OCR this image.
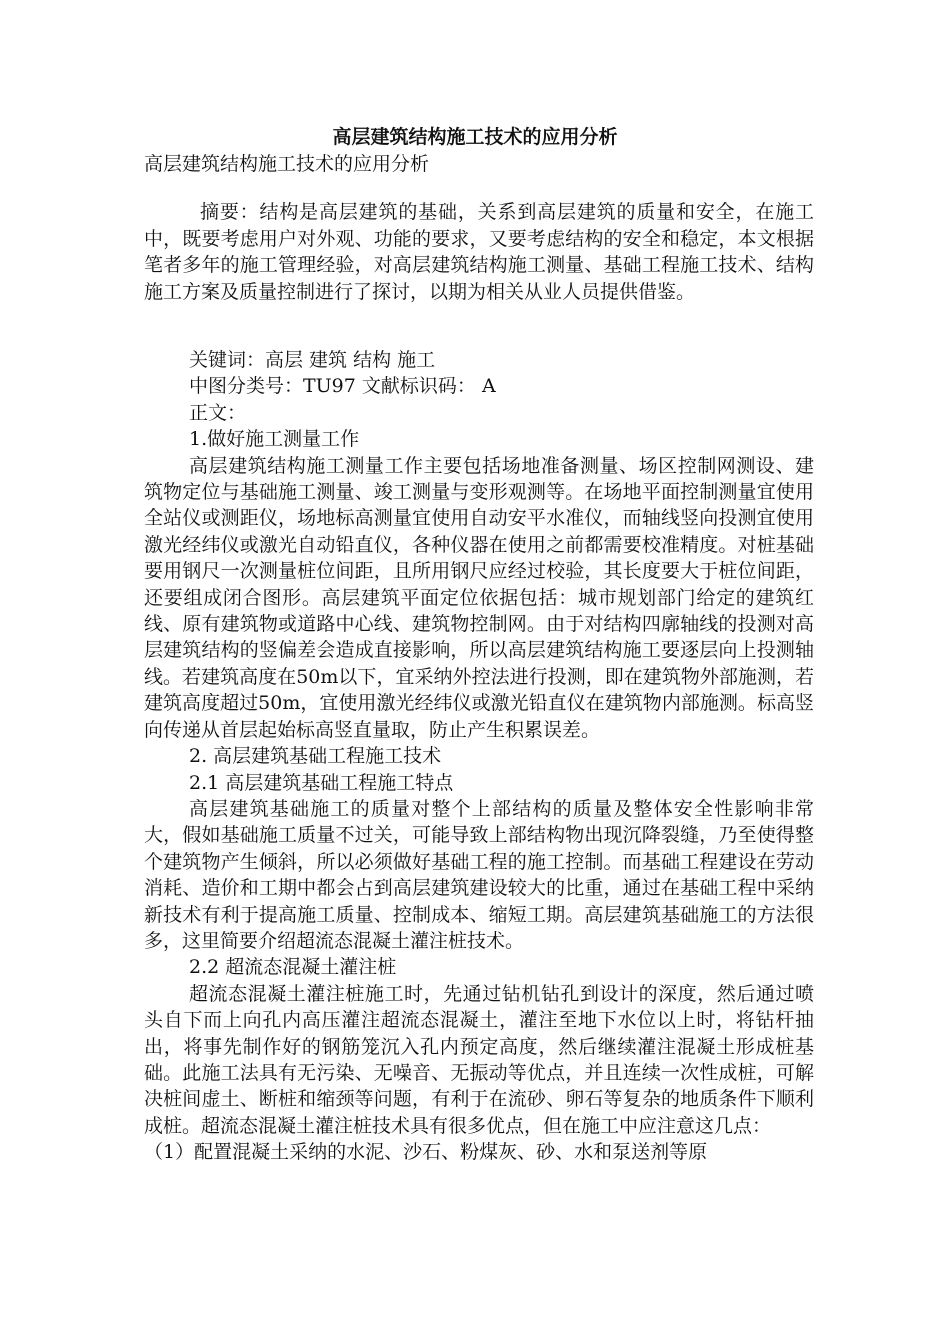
高层建筑结构施工技术的应用分析
高层建筑结构施工技术的应用分析
摘要：结构是高层建筑的基础，关系到高层建筑的质量和安全，在施工中，既要考虑用户对外观、功能的要求，又要考虑结构的安全和稳定，本文根据笔者多年的施工管理经验，对高层建筑结构施工测量、基础工程施工技术、结构施工方案及质量控制进行了探讨，以期为相关从业人员提供借鉴。

关键词：高层 建筑 结构 施工

中图分类号：TU97 文献标识码： A

正文：

1.做好施工测量工作

高层建筑结构施工测量工作主要包括场地准备测量、场区控制网测设、建筑物定位与基础施工测量、竣工测量与变形观测等。在场地平面控制测量宜使用全站仪或测距仪，场地标高测量宜使用自动安平水准仪，而轴线竖向投测宜使用激光经纬仪或激光自动铅直仪，各种仪器在使用之前都需要校准精度。对桩基础要用钢尺一次测量桩位间距，且所用钢尺应经过校验，其长度要大于桩位间距，还要组成闭合图形。高层建筑平面定位依据包括：城市规划部门给定的建筑红线、原有建筑物或道路中心线、建筑物控制网。由于对结构四廓轴线的投测对高层建筑结构的竖偏差会造成直接影响，所以高层建筑结构施工要逐层向上投测轴线。若建筑高度在50m以下，宜采纳外控法进行投测，即在建筑物外部施测，若建筑高度超过50m，宜使用激光经纬仪或激光铅直仪在建筑物内部施测。标高竖向传递从首层起始标高竖直量取，防止产生积累误差。

2. 高层建筑基础工程施工技术

2.1 高层建筑基础工程施工特点

高层建筑基础施工的质量对整个上部结构的质量及整体安全性影响非常大，假如基础施工质量不过关，可能导致上部结构物出现沉降裂缝，乃至使得整个建筑物产生倾斜，所以必须做好基础工程的施工控制。而基础工程建设在劳动消耗、造价和工期中都会占到高层建筑建设较大的比重，通过在基础工程中采纳新技术有利于提高施工质量、控制成本、缩短工期。高层建筑基础施工的方法很多，这里简要介绍超流态混凝土灌注桩技术。

2.2 超流态混凝土灌注桩

超流态混凝土灌注桩施工时，先通过钻机钻孔到设计的深度，然后通过喷头自下而上向孔内高压灌注超流态混凝土，灌注至地下水位以上时，将钻杆抽出，将事先制作好的钢筋笼沉入孔内预定高度，然后继续灌注混凝土形成桩基础。此施工法具有无污染、无噪音、无振动等优点，并且连续一次性成桩，可解决桩间虚土、断桩和缩颈等问题，有利于在流砂、卵石等复杂的地质条件下顺利成桩。超流态混凝土灌注桩技术具有很多优点，但在施工中应注意这几点：

（1）配置混凝土采纳的水泥、沙石、粉煤灰、砂、水和泵送剂等原
